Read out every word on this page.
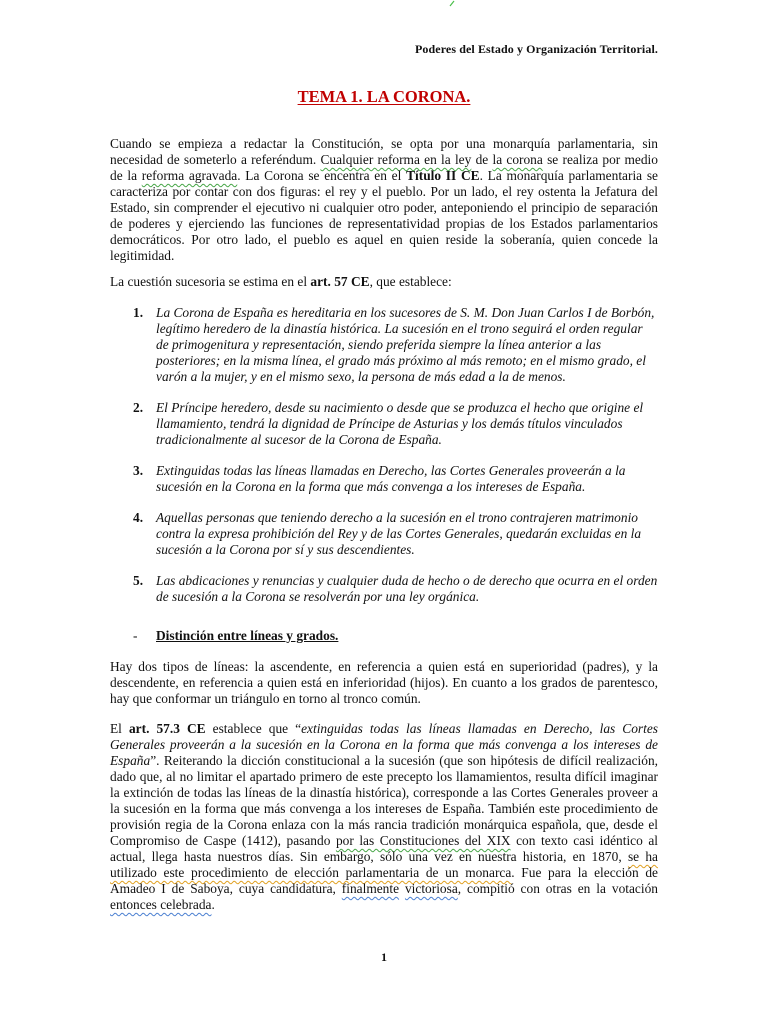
Poderes del Estado y Organización Territorial.
TEMA 1. LA CORONA.

Cuando se empieza a redactar la Constitución, se opta por una monarquía parlamentaria, sin necesidad de someterlo a referéndum. Cualquier reforma en la ley de la corona se realiza por medio de la reforma agravada. La Corona se encentra en el Título II CE. La monarquía parlamentaria se caracteriza por contar con dos figuras: el rey y el pueblo. Por un lado, el rey ostenta la Jefatura del Estado, sin comprender el ejecutivo ni cualquier otro poder, anteponiendo el principio de separación de poderes y ejerciendo las funciones de representatividad propias de los Estados parlamentarios democráticos. Por otro lado, el pueblo es aquel en quien reside la soberanía, quien concede la legitimidad.

La cuestión sucesoria se estima en el art. 57 CE, que establece:

1. La Corona de España es hereditaria en los sucesores de S. M. Don Juan Carlos I de Borbón, legítimo heredero de la dinastía histórica. La sucesión en el trono seguirá el orden regular de primogenitura y representación, siendo preferida siempre la línea anterior a las posteriores; en la misma línea, el grado más próximo al más remoto; en el mismo grado, el varón a la mujer, y en el mismo sexo, la persona de más edad a la de menos.
2. El Príncipe heredero, desde su nacimiento o desde que se produzca el hecho que origine el llamamiento, tendrá la dignidad de Príncipe de Asturias y los demás títulos vinculados tradicionalmente al sucesor de la Corona de España.
3. Extinguidas todas las líneas llamadas en Derecho, las Cortes Generales proveerán a la sucesión en la Corona en la forma que más convenga a los intereses de España.
4. Aquellas personas que teniendo derecho a la sucesión en el trono contrajeren matrimonio contra la expresa prohibición del Rey y de las Cortes Generales, quedarán excluidas en la sucesión a la Corona por sí y sus descendientes.
5. Las abdicaciones y renuncias y cualquier duda de hecho o de derecho que ocurra en el orden de sucesión a la Corona se resolverán por una ley orgánica.
- Distinción entre líneas y grados.

Hay dos tipos de líneas: la ascendente, en referencia a quien está en superioridad (padres), y la descendente, en referencia a quien está en inferioridad (hijos). En cuanto a los grados de parentesco, hay que conformar un triángulo en torno al tronco común.

El art. 57.3 CE establece que “extinguidas todas las líneas llamadas en Derecho, las Cortes Generales proveerán a la sucesión en la Corona en la forma que más convenga a los intereses de España”. Reiterando la dicción constitucional a la sucesión (que son hipótesis de difícil realización, dado que, al no limitar el apartado primero de este precepto los llamamientos, resulta difícil imaginar la extinción de todas las líneas de la dinastía histórica), corresponde a las Cortes Generales proveer a la sucesión en la forma que más convenga a los intereses de España. También este procedimiento de provisión regia de la Corona enlaza con la más rancia tradición monárquica española, que, desde el Compromiso de Caspe (1412), pasando por las Constituciones del XIX con texto casi idéntico al actual, llega hasta nuestros días. Sin embargo, sólo una vez en nuestra historia, en 1870, se ha utilizado este procedimiento de elección parlamentaria de un monarca. Fue para la elección de Amadeo I de Saboya, cuya candidatura, finalmente victoriosa, compitió con otras en la votación entonces celebrada.

1
